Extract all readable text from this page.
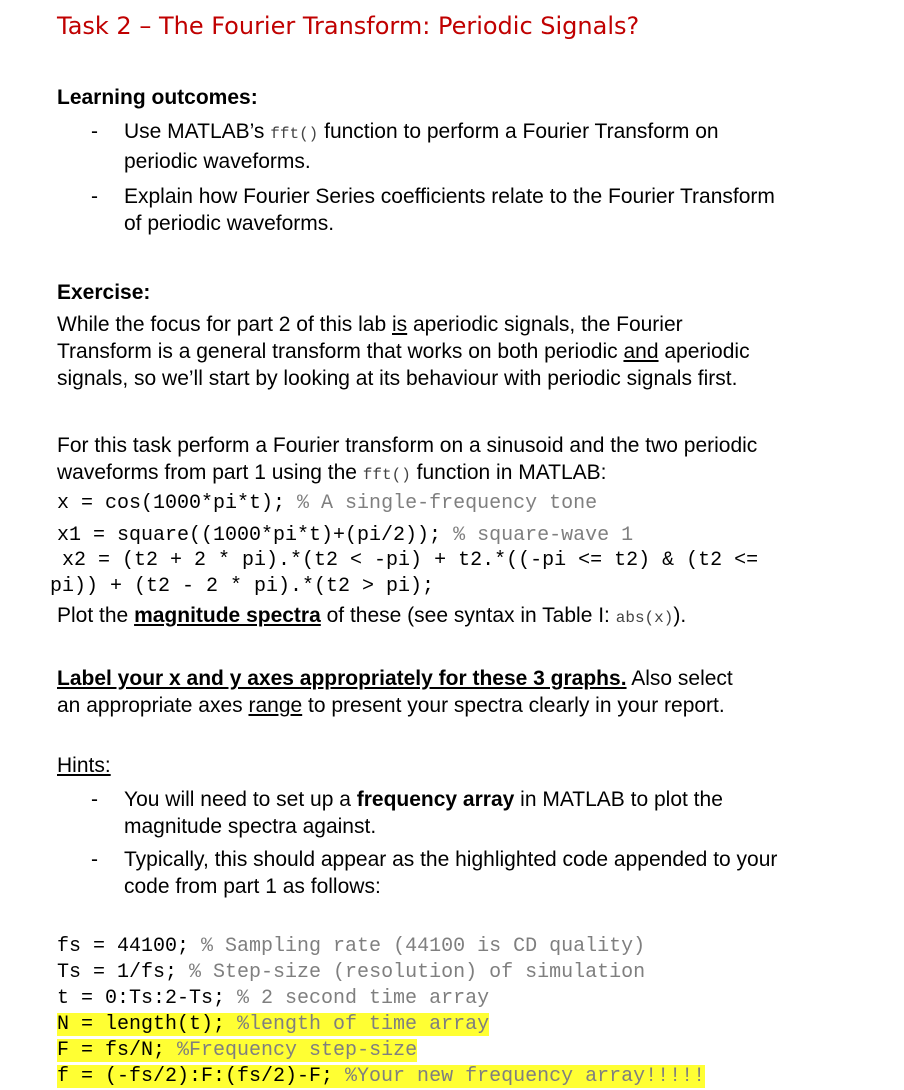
Task 2 – The Fourier Transform: Periodic Signals?
Learning outcomes:
- Use MATLAB’s fft() function to perform a Fourier Transform on
periodic waveforms.
- Explain how Fourier Series coefficients relate to the Fourier Transform
of periodic waveforms.
Exercise:
While the focus for part 2 of this lab is aperiodic signals, the Fourier
Transform is a general transform that works on both periodic and aperiodic
signals, so we’ll start by looking at its behaviour with periodic signals first.
For this task perform a Fourier transform on a sinusoid and the two periodic
waveforms from part 1 using the fft() function in MATLAB:
x = cos(1000*pi*t); % A single-frequency tone
x1 = square((1000*pi*t)+(pi/2)); % square-wave 1
x2 = (t2 + 2 * pi).*(t2 < -pi) + t2.*((-pi <= t2) & (t2 <=
pi)) + (t2 - 2 * pi).*(t2 > pi);
Plot the magnitude spectra of these (see syntax in Table I: abs(x)).
Label your x and y axes appropriately for these 3 graphs. Also select
an appropriate axes range to present your spectra clearly in your report.
Hints:
- You will need to set up a frequency array in MATLAB to plot the
magnitude spectra against.
- Typically, this should appear as the highlighted code appended to your
code from part 1 as follows:

fs = 44100; % Sampling rate (44100 is CD quality)
Ts = 1/fs; % Step-size (resolution) of simulation
t = 0:Ts:2-Ts; % 2 second time array
N = length(t); %length of time array
F = fs/N; %Frequency step-size
f = (-fs/2):F:(fs/2)-F; %Your new frequency array!!!!!
